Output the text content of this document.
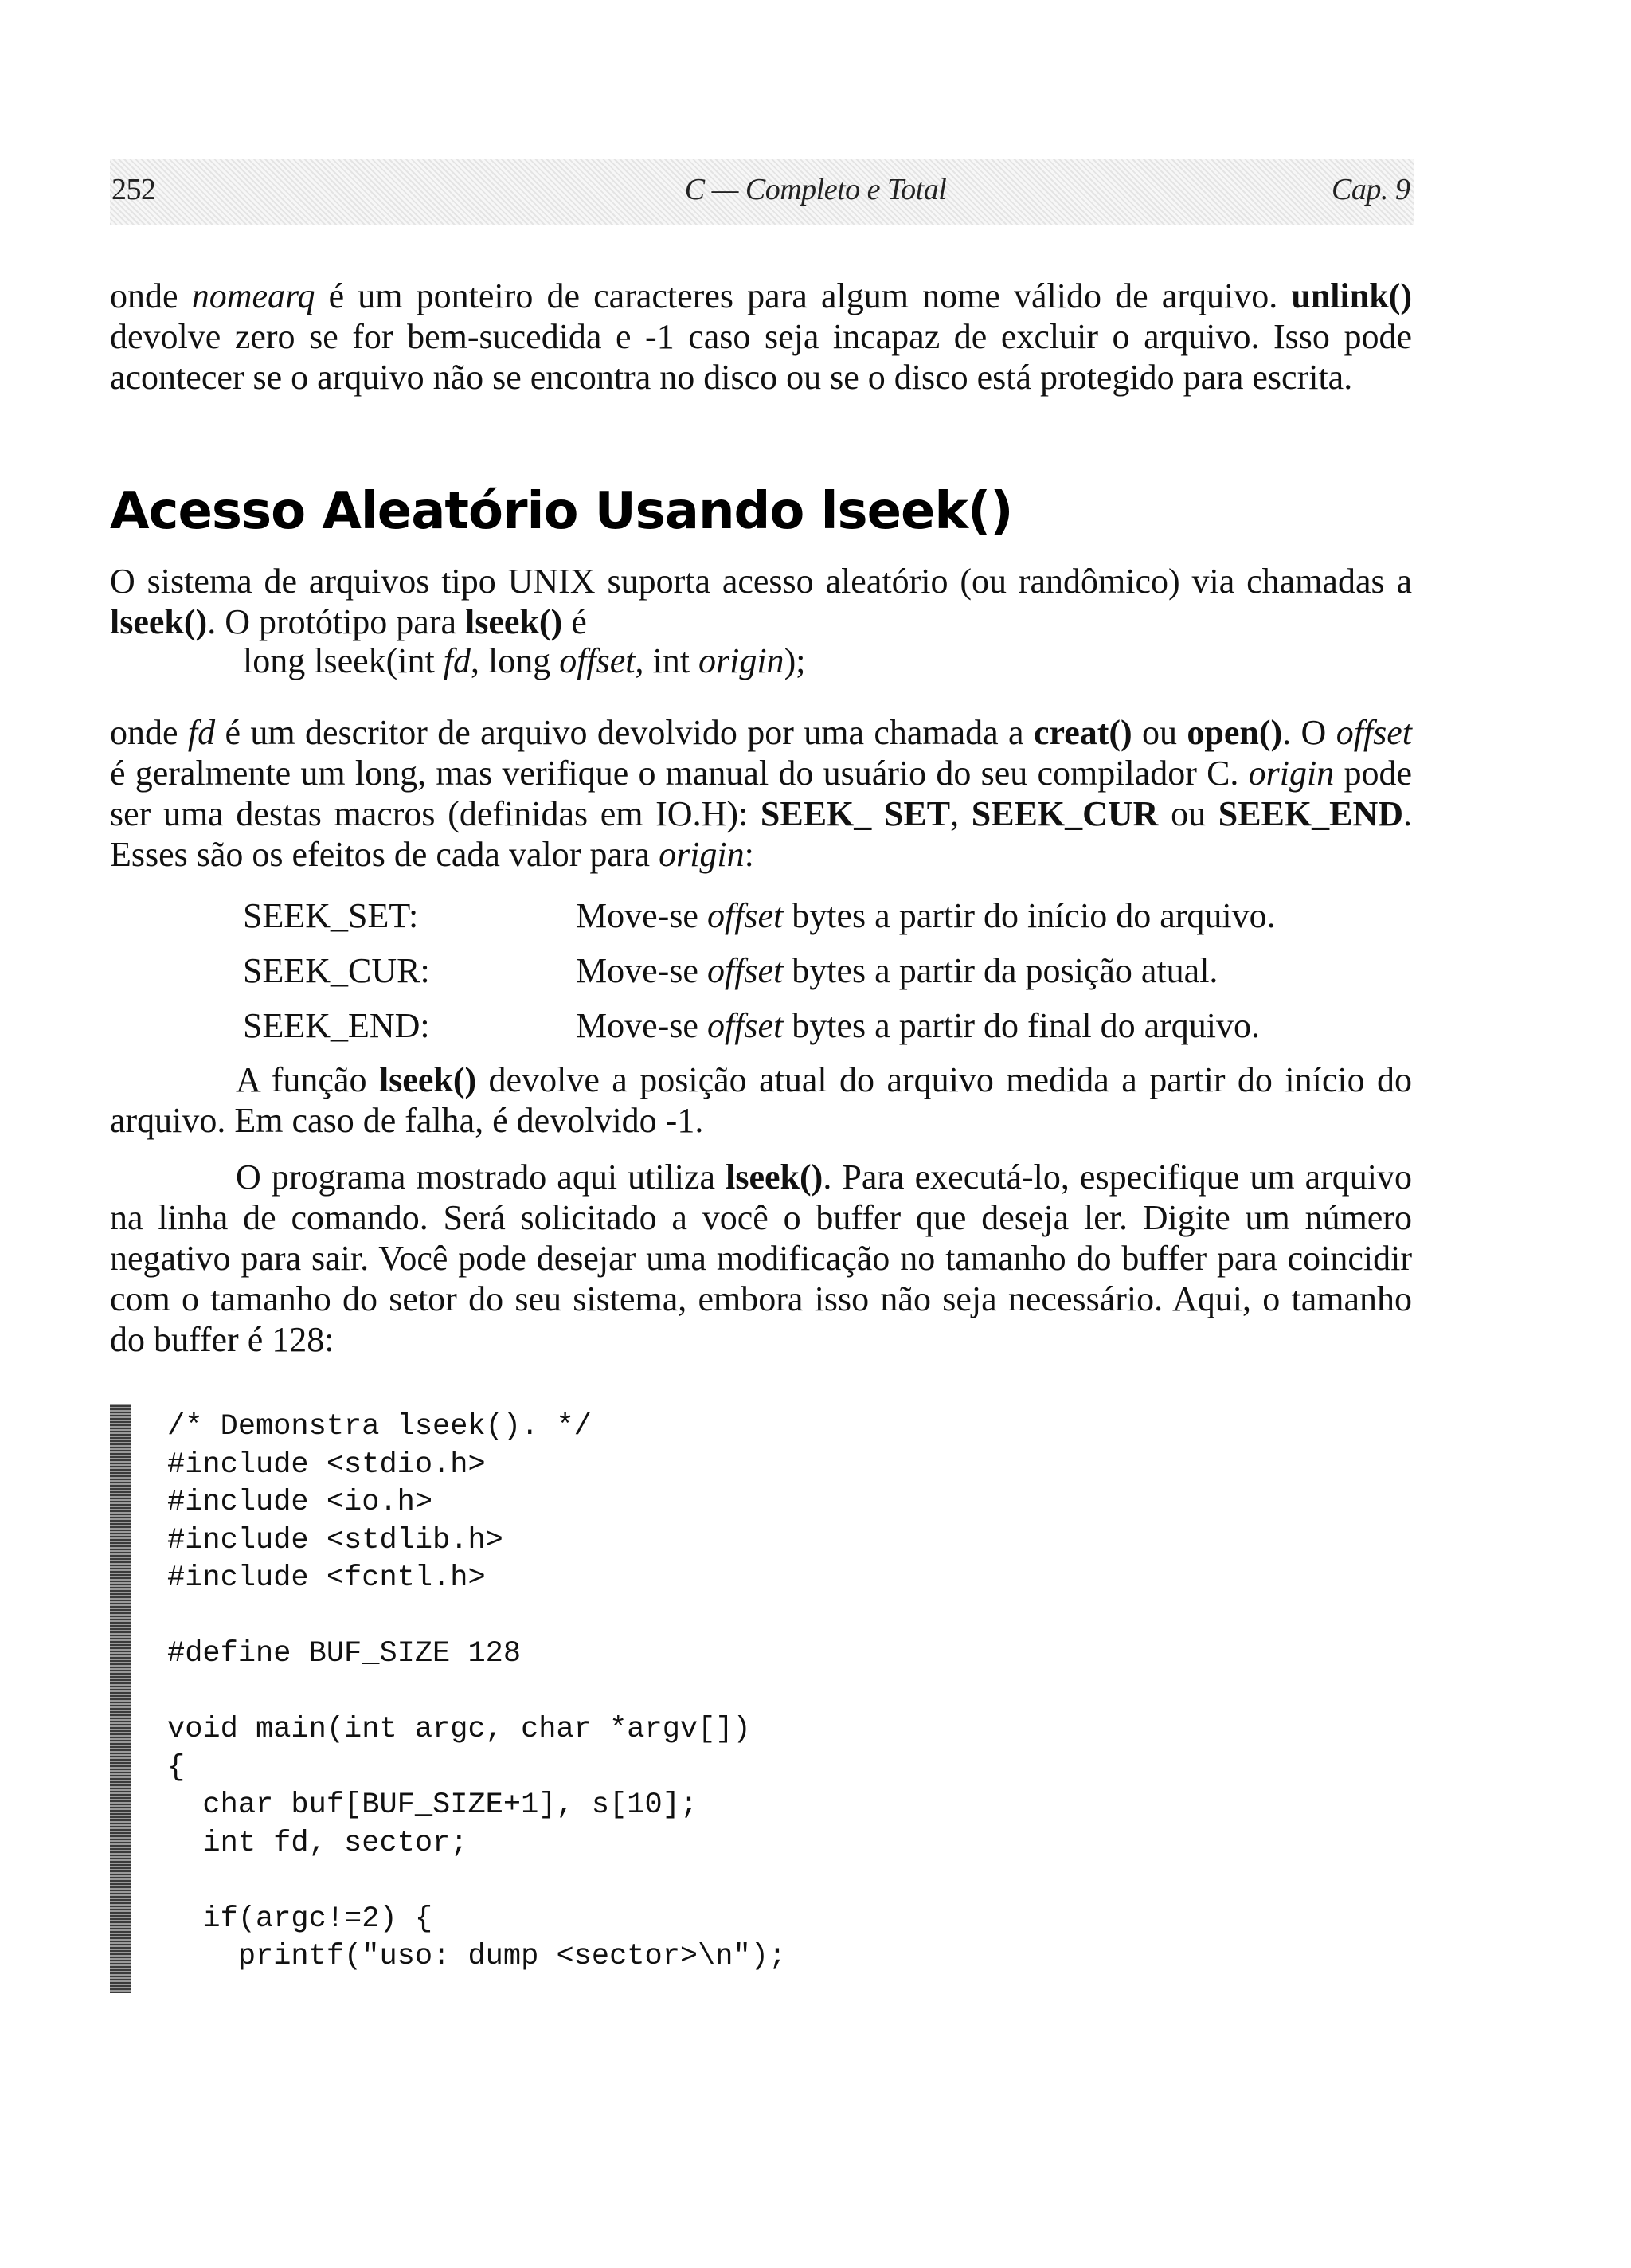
252	C — Completo e Total	Cap. 9

onde nomearq é um ponteiro de caracteres para algum nome válido de arquivo. unlink() devolve zero se for bem-sucedida e -1 caso seja incapaz de excluir o arquivo. Isso pode acontecer se o arquivo não se encontra no disco ou se o disco está protegido para escrita.

Acesso Aleatório Usando lseek()

O sistema de arquivos tipo UNIX suporta acesso aleatório (ou randômico) via chamadas a lseek(). O protótipo para lseek() é

long lseek(int fd, long offset, int origin);

onde fd é um descritor de arquivo devolvido por uma chamada a creat() ou open(). O offset é geralmente um long, mas verifique o manual do usuário do seu compilador C. origin pode ser uma destas macros (definidas em IO.H): SEEK_ SET, SEEK_CUR ou SEEK_END. Esses são os efeitos de cada valor para origin:

SEEK_SET:	Move-se offset bytes a partir do início do arquivo.
SEEK_CUR:	Move-se offset bytes a partir da posição atual.
SEEK_END:	Move-se offset bytes a partir do final do arquivo.

A função lseek() devolve a posição atual do arquivo medida a partir do início do arquivo. Em caso de falha, é devolvido -1.

O programa mostrado aqui utiliza lseek(). Para executá-lo, especifique um arquivo na linha de comando. Será solicitado a você o buffer que deseja ler. Digite um número negativo para sair. Você pode desejar uma modificação no tamanho do buffer para coincidir com o tamanho do setor do seu sistema, embora isso não seja necessário. Aqui, o tamanho do buffer é 128:

/* Demonstra lseek(). */
#include <stdio.h>
#include <io.h>
#include <stdlib.h>
#include <fcntl.h>

#define BUF_SIZE 128

void main(int argc, char *argv[])
{
char buf[BUF_SIZE+1], s[10];
int fd, sector;

if(argc!=2) {
printf("uso: dump <sector>\n");
